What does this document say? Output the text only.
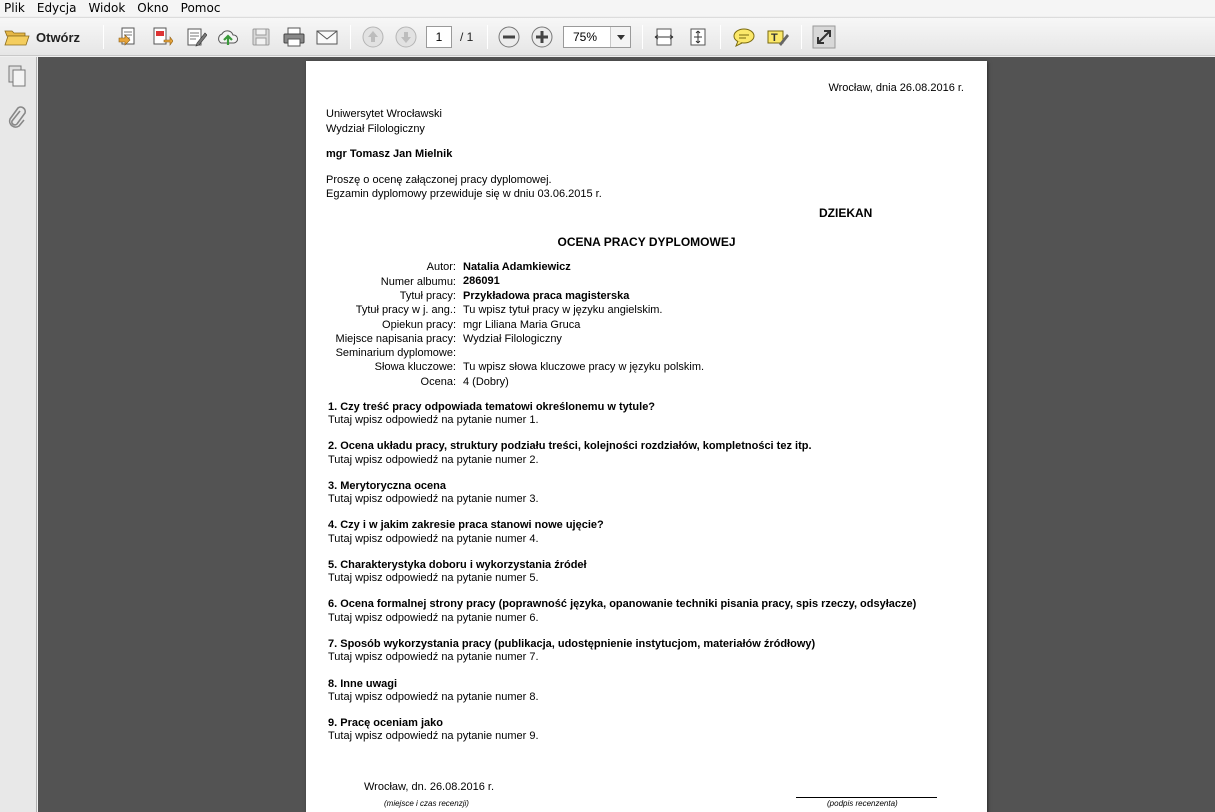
Plik	Edycja	Widok	Okno	Pomoc
Otwórz	1	/ 1	75%	T
Wrocław, dnia 26.08.2016 r.
Uniwersytet Wrocławski
Wydział Filologiczny
mgr Tomasz Jan Mielnik
Proszę o ocenę załączonej pracy dyplomowej.
Egzamin dyplomowy przewiduje się w dniu 03.06.2015 r.
DZIEKAN
OCENA PRACY DYPLOMOWEJ
Autor: Natalia Adamkiewicz
Numer albumu: 286091
Tytuł pracy: Przykładowa praca magisterska
Tytuł pracy w j. ang.: Tu wpisz tytuł pracy w języku angielskim.
Opiekun pracy: mgr Liliana Maria Gruca
Miejsce napisania pracy: Wydział Filologiczny
Seminarium dyplomowe:
Słowa kluczowe: Tu wpisz słowa kluczowe pracy w języku polskim.
Ocena: 4 (Dobry)
1. Czy treść pracy odpowiada tematowi określonemu w tytule?
Tutaj wpisz odpowiedź na pytanie numer 1.
2. Ocena układu pracy, struktury podziału treści, kolejności rozdziałów, kompletności tez itp.
Tutaj wpisz odpowiedź na pytanie numer 2.
3. Merytoryczna ocena
Tutaj wpisz odpowiedź na pytanie numer 3.
4. Czy i w jakim zakresie praca stanowi nowe ujęcie?
Tutaj wpisz odpowiedź na pytanie numer 4.
5. Charakterystyka doboru i wykorzystania źródeł
Tutaj wpisz odpowiedź na pytanie numer 5.
6. Ocena formalnej strony pracy (poprawność języka, opanowanie techniki pisania pracy, spis rzeczy, odsyłacze)
Tutaj wpisz odpowiedź na pytanie numer 6.
7. Sposób wykorzystania pracy (publikacja, udostępnienie instytucjom, materiałów źródłowy)
Tutaj wpisz odpowiedź na pytanie numer 7.
8. Inne uwagi
Tutaj wpisz odpowiedź na pytanie numer 8.
9. Pracę oceniam jako
Tutaj wpisz odpowiedź na pytanie numer 9.
Wrocław, dn. 26.08.2016 r.
(miejsce i czas recenzji)	(podpis recenzenta)
